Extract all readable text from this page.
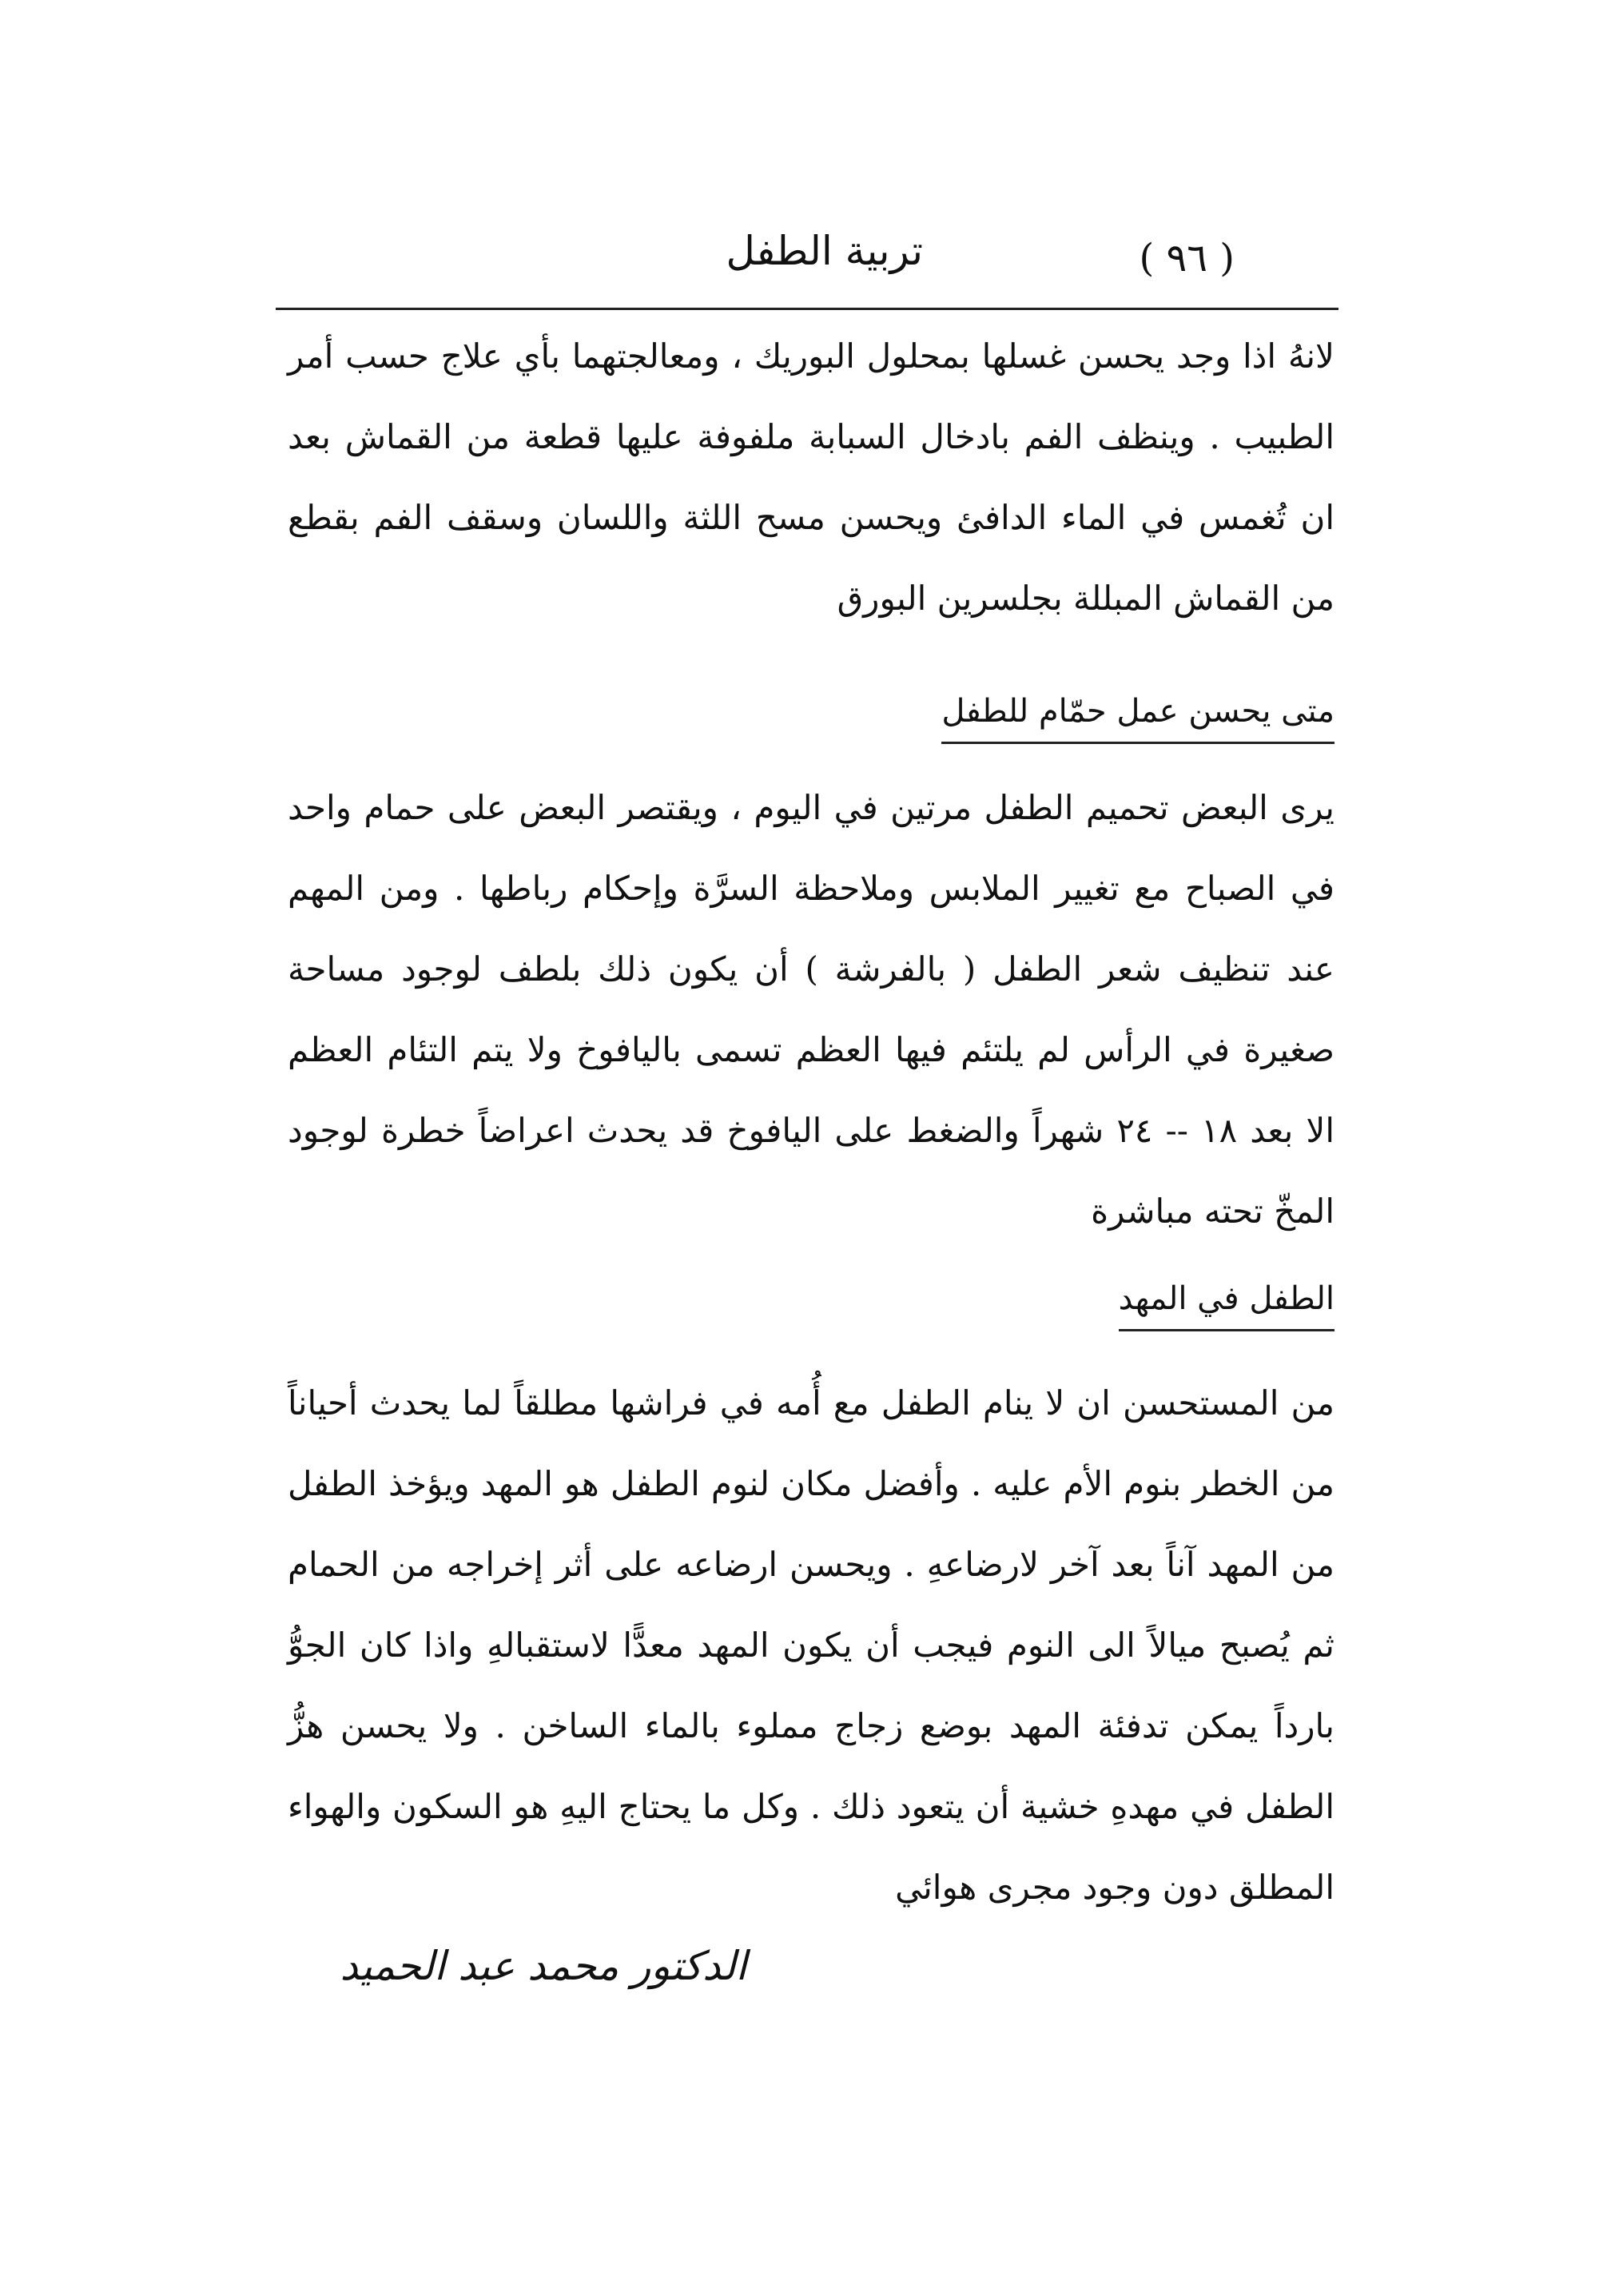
( ٩٦ )
تربية الطفل

لانهُ اذا وجد يحسن غسلها بمحلول البوريك ، ومعالجتهما بأي علاج حسب أمر الطبيب . وينظف الفم بادخال السبابة ملفوفة عليها قطعة من القماش بعد ان تُغمس في الماء الدافئ ويحسن مسح اللثة واللسان وسقف الفم بقطع من القماش المبللة بجلسرين البورق

متى يحسن عمل حمّام للطفل

يرى البعض تحميم الطفل مرتين في اليوم ، ويقتصر البعض على حمام واحد في الصباح مع تغيير الملابس وملاحظة السرَّة وإحكام رباطها . ومن المهم عند تنظيف شعر الطفل ( بالفرشة ) أن يكون ذلك بلطف لوجود مساحة صغيرة في الرأس لم يلتئم فيها العظم تسمى باليافوخ ولا يتم التئام العظم الا بعد ١٨ -- ٢٤ شهراً والضغط على اليافوخ قد يحدث اعراضاً خطرة لوجود المخّ تحته مباشرة

الطفل في المهد

من المستحسن ان لا ينام الطفل مع أُمه في فراشها مطلقاً لما يحدث أحياناً من الخطر بنوم الأم عليه . وأفضل مكان لنوم الطفل هو المهد ويؤخذ الطفل من المهد آناً بعد آخر لارضاعهِ . ويحسن ارضاعه على أثر إخراجه من الحمام ثم يُصبح ميالاً الى النوم فيجب أن يكون المهد معدًّا لاستقبالهِ واذا كان الجوُّ بارداً يمكن تدفئة المهد بوضع زجاج مملوء بالماء الساخن . ولا يحسن هزُّ الطفل في مهدهِ خشية أن يتعود ذلك . وكل ما يحتاج اليهِ هو السكون والهواء المطلق دون وجود مجرى هوائي

الدكتور محمد عبد الحميد
